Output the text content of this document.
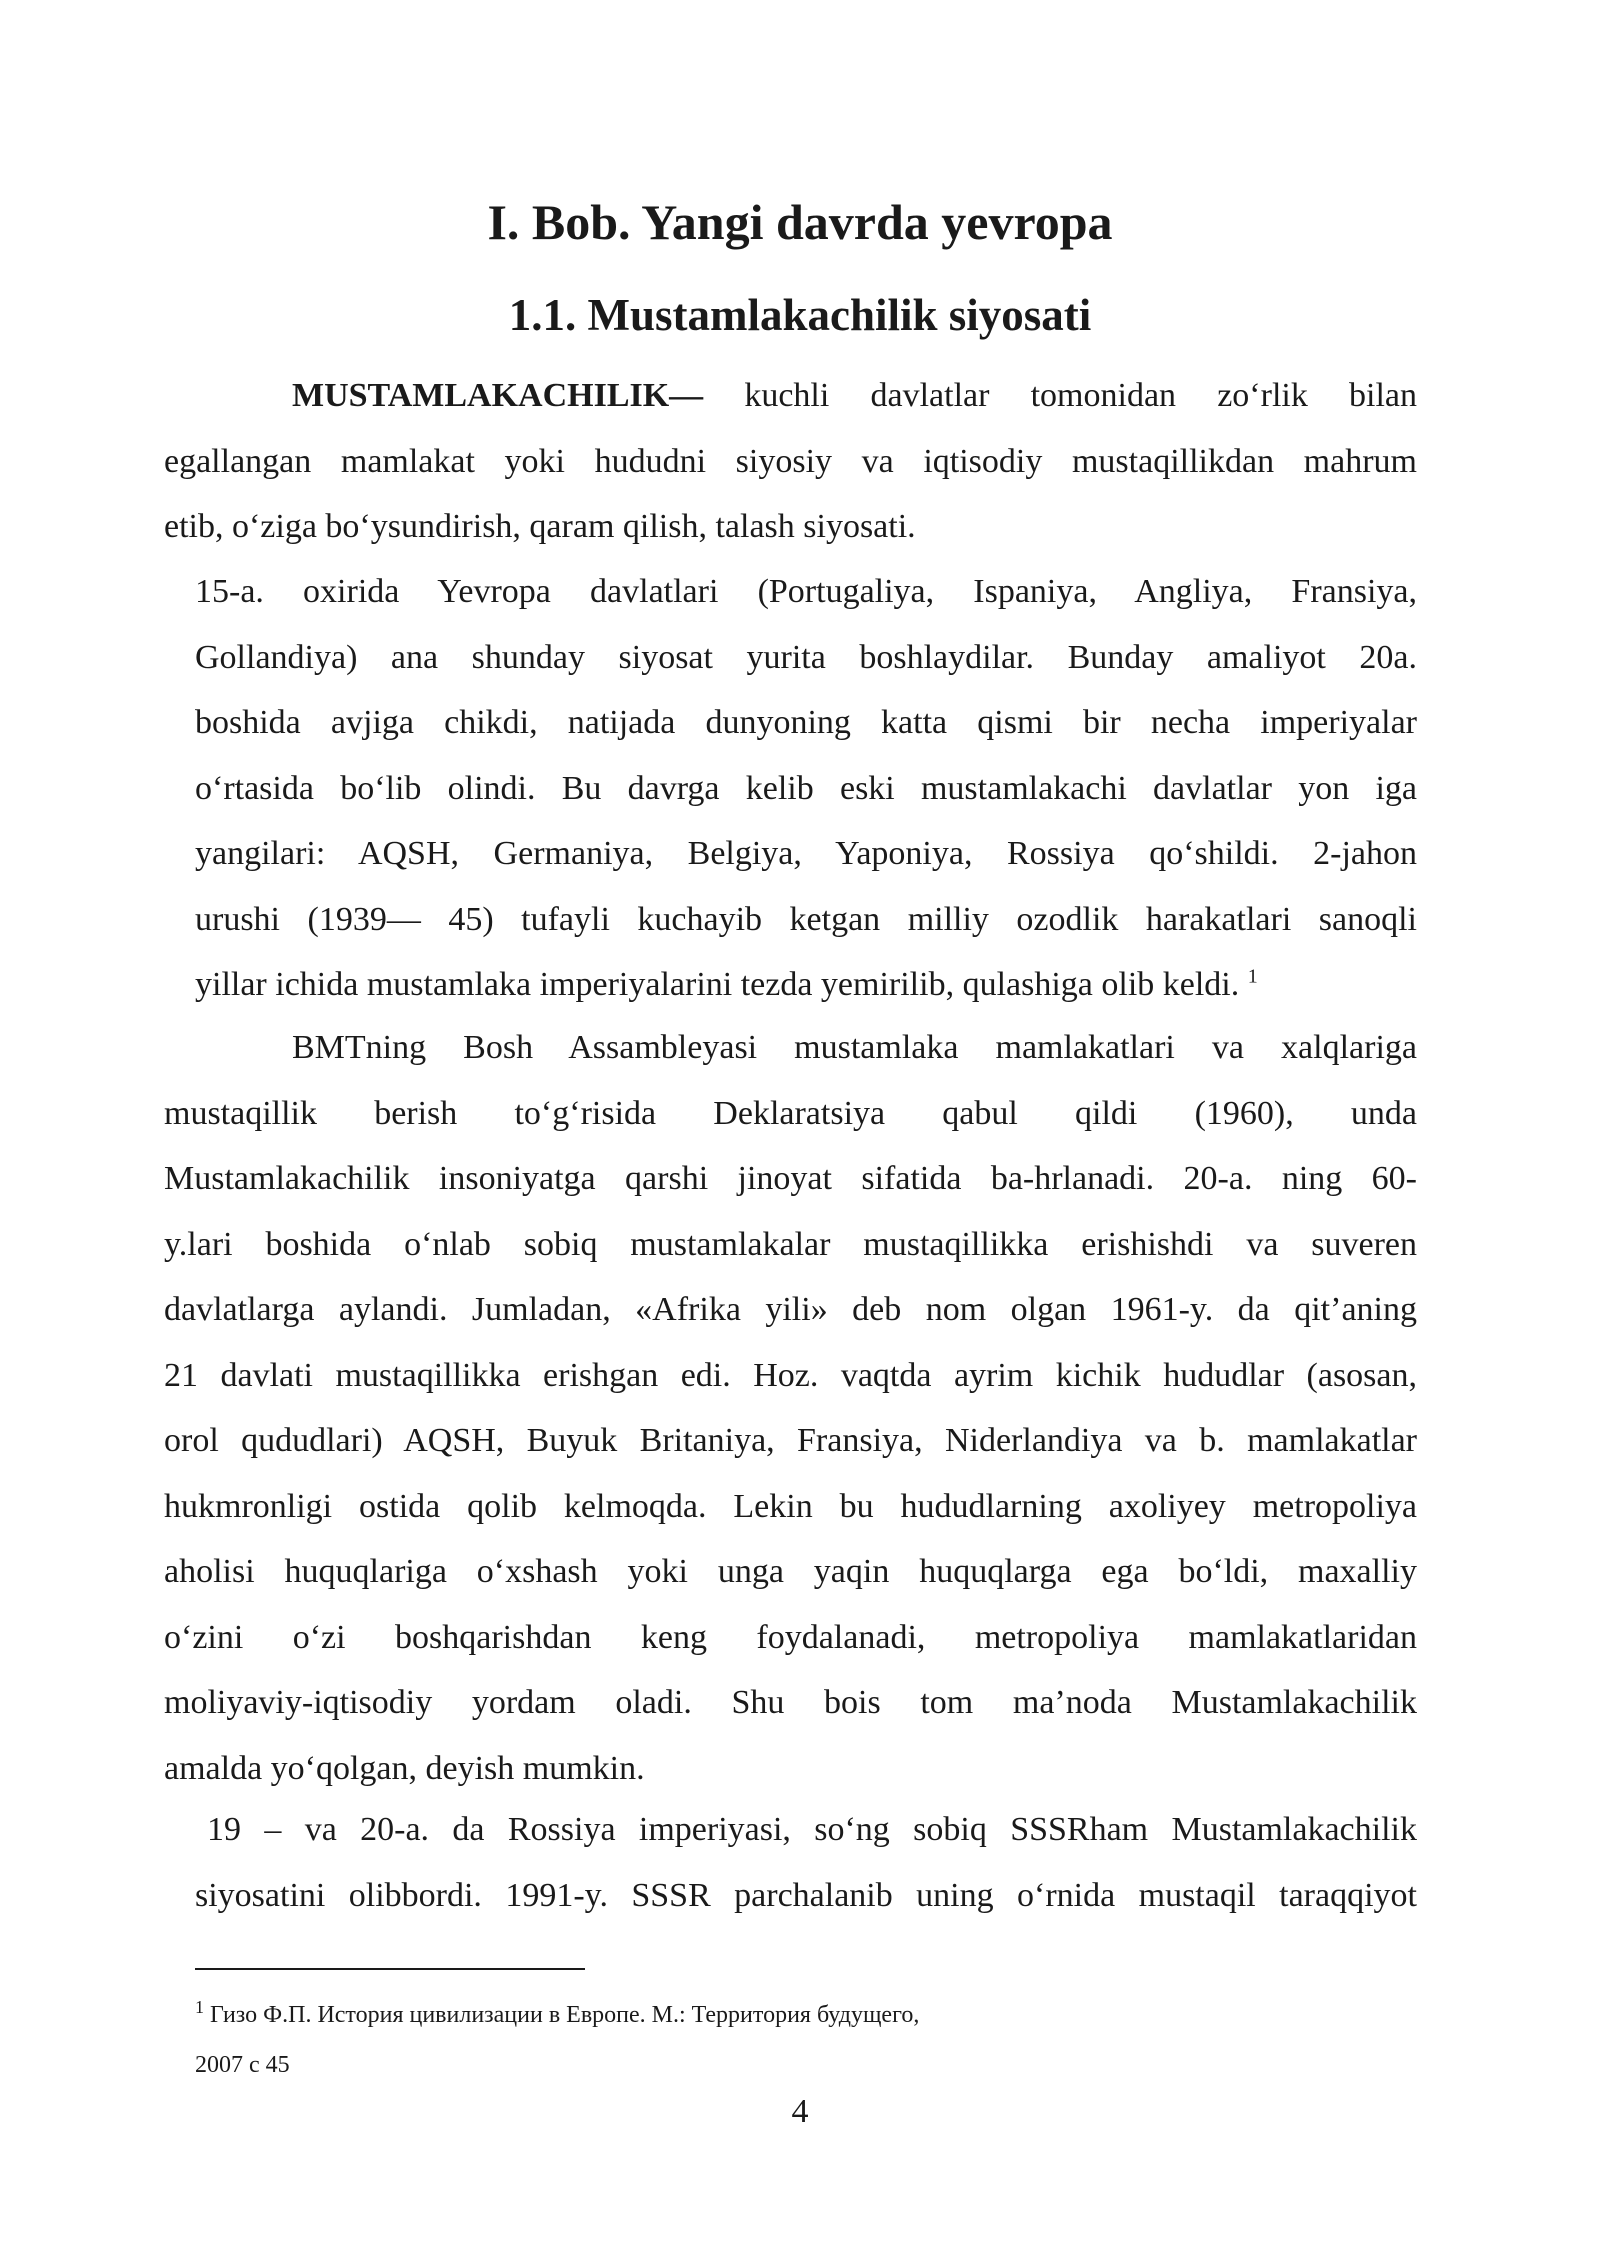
I. Bob. Yangi davrda yevropa
1.1. Mustamlakachilik siyosati

MUSTAMLAKACHILIK— kuchli davlatlar tomonidan zoʻrlik bilan
egallangan mamlakat yoki hududni siyosiy va iqtisodiy mustaqillikdan mahrum
etib, oʻziga boʻysundirish, qaram qilish, talash siyosati.

15-a. oxirida Yevropa davlatlari (Portugaliya, Ispaniya, Angliya, Fransiya,
Gollandiya) ana shunday siyosat yurita boshlaydilar. Bunday amaliyot 20a.
boshida avjiga chikdi, natijada dunyoning katta qismi bir necha imperiyalar
oʻrtasida boʻlib olindi. Bu davrga kelib eski mustamlakachi davlatlar yon iga
yangilari: AQSH, Germaniya, Belgiya, Yaponiya, Rossiya qoʻshildi. 2-jahon
urushi (1939— 45) tufayli kuchayib ketgan milliy ozodlik harakatlari sanoqli
yillar ichida mustamlaka imperiyalarini tezda yemirilib, qulashiga olib keldi. $^1$

BMTning Bosh Assambleyasi mustamlaka mamlakatlari va xalqlariga
mustaqillik berish toʻgʻrisida Deklaratsiya qabul qildi (1960), unda
Mustamlakachilik insoniyatga qarshi jinoyat sifatida ba-hrlanadi. 20-a. ning 60-
y.lari boshida oʻnlab sobiq mustamlakalar mustaqillikka erishishdi va suveren
davlatlarga aylandi. Jumladan, «Afrika yili» deb nom olgan 1961-y. da qit’aning
21 davlati mustaqillikka erishgan edi. Hoz. vaqtda ayrim kichik hududlar (asosan,
orol qududlari) AQSH, Buyuk Britaniya, Fransiya, Niderlandiya va b. mamlakatlar
hukmronligi ostida qolib kelmoqda. Lekin bu hududlarning axoliyey metropoliya
aholisi huquqlariga oʻxshash yoki unga yaqin huquqlarga ega boʻldi, maxalliy
oʻzini oʻzi boshqarishdan keng foydalanadi, metropoliya mamlakatlaridan
moliyaviy-iqtisodiy yordam oladi. Shu bois tom ma’noda Mustamlakachilik
amalda yoʻqolgan, deyish mumkin.

19 – va 20-a. da Rossiya imperiyasi, soʻng sobiq SSSRham Mustamlakachilik
siyosatini olibbordi. 1991-y. SSSR parchalanib uning oʻrnida mustaqil taraqqiyot

$^1$ Гизо Ф.П. История цивилизации в Европе. М.: Территория будущего,
2007 с 45

4
